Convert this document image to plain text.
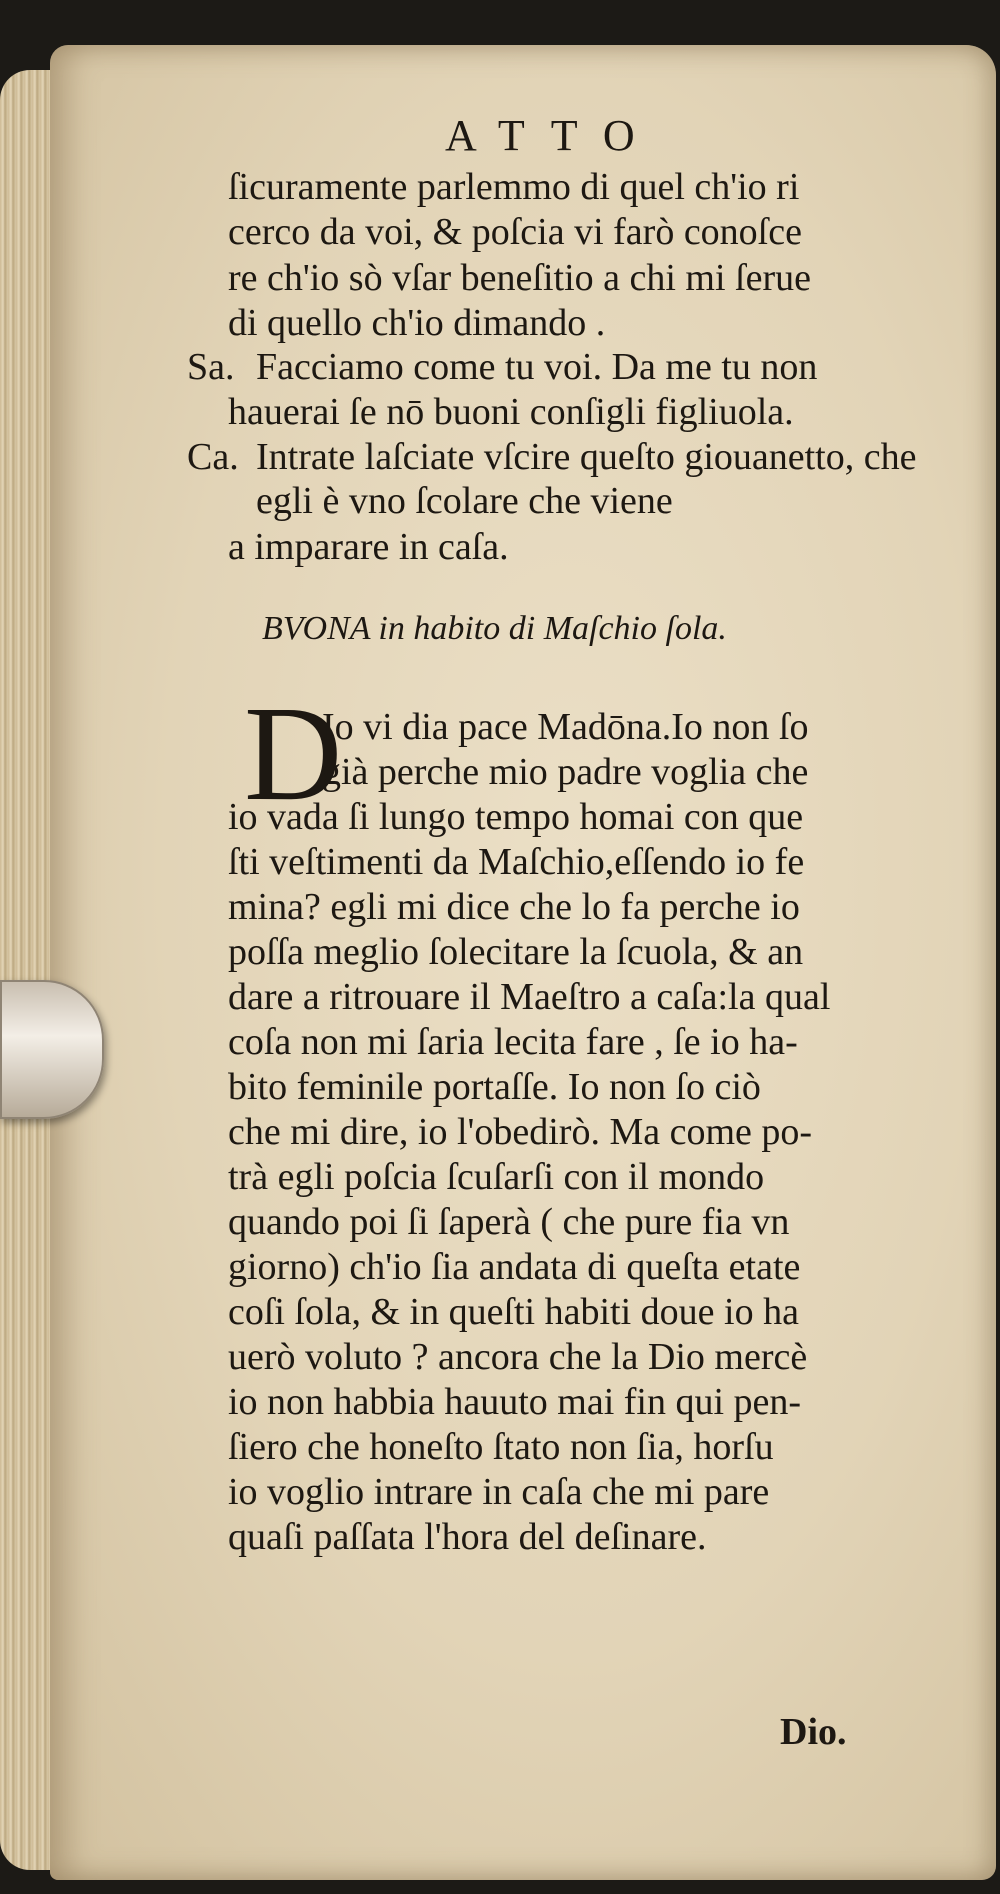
ATTO
ſicuramente parlemmo di quel ch'io ri
cerco da voi, & poſcia vi farò conoſce
re ch'io sò vſar beneſitio a chi mi ſerue
di quello ch'io dimando .
Sa. Facciamo come tu voi. Da me tu non
hauerai ſe nō buoni conſigli figliuola.
Ca. Intrate laſciate vſcire queſto giouanetto, che egli è vno ſcolare che viene
a imparare in caſa.
BVONA in habito di Maſchio ſola.
D
Io vi dia pace Madōna.Io non ſo
già perche mio padre voglia che
io vada ſi lungo tempo homai con que
ſti veſtimenti da Maſchio,eſſendo io fe
mina? egli mi dice che lo fa perche io
poſſa meglio ſolecitare la ſcuola, & an
dare a ritrouare il Maeſtro a caſa:la qual
coſa non mi ſaria lecita fare , ſe io ha-
bito feminile portaſſe. Io non ſo ciò
che mi dire, io l'obedirò. Ma come po-
trà egli poſcia ſcuſarſi con il mondo
quando poi ſi ſaperà ( che pure fia vn
giorno) ch'io ſia andata di queſta etate
coſi ſola, & in queſti habiti doue io ha
uerò voluto ? ancora che la Dio mercè
io non habbia hauuto mai fin qui pen-
ſiero che honeſto ſtato non ſia, horſu
io voglio intrare in caſa che mi pare
quaſi paſſata l'hora del deſinare.
Dio.
